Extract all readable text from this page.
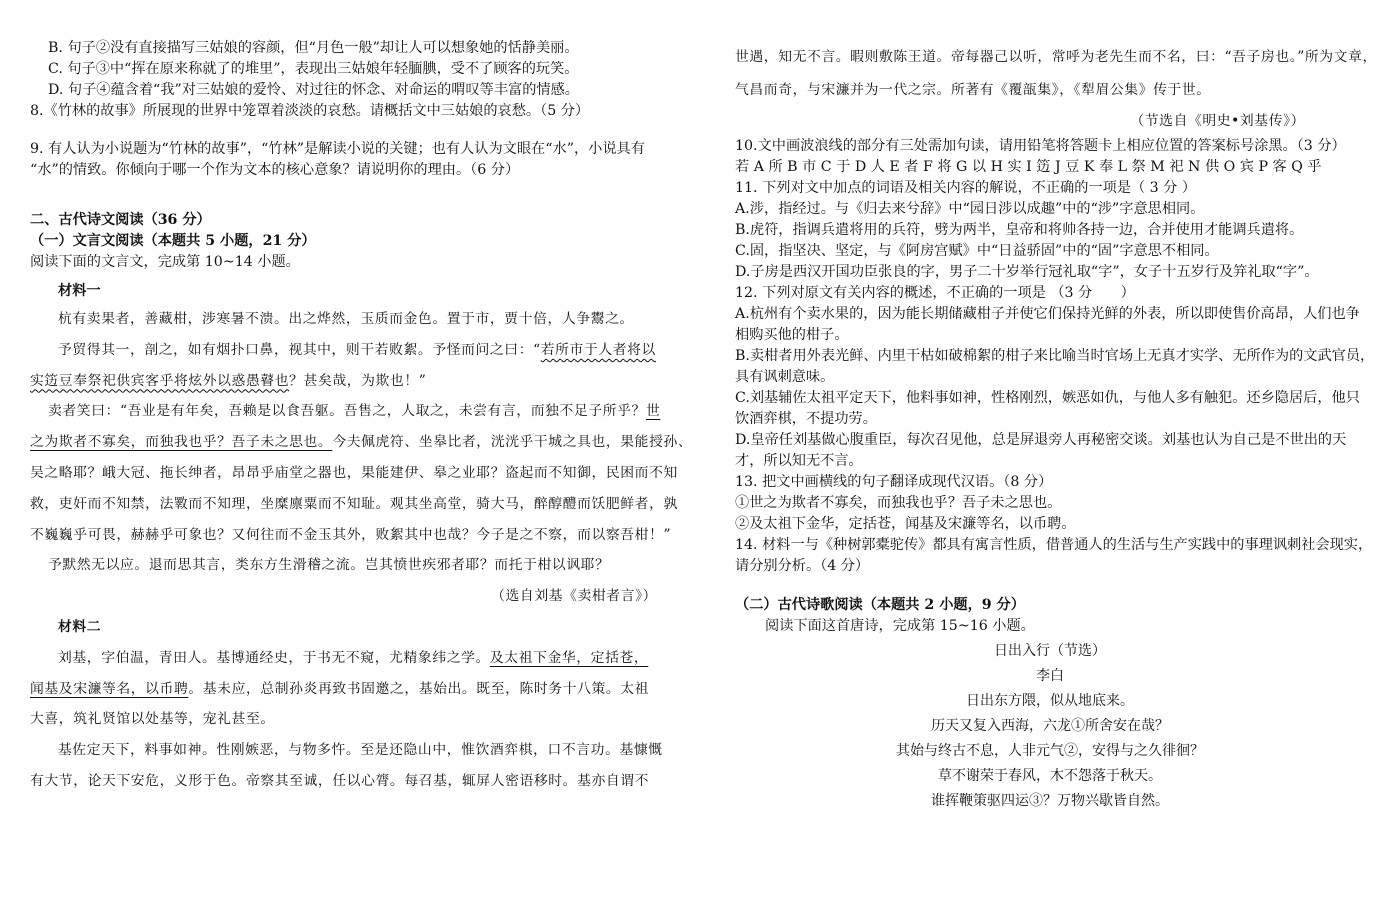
B. 句子②没有直接描写三姑娘的容颜，但“月色一般”却让人可以想象她的恬静美丽。
C. 句子③中“挥在原来称就了的堆里”，表现出三姑娘年轻腼腆，受不了顾客的玩笑。
D. 句子④蕴含着“我”对三姑娘的爱怜、对过往的怀念、对命运的喟叹等丰富的情感。
8.《竹林的故事》所展现的世界中笼罩着淡淡的哀愁。请概括文中三姑娘的哀愁。（5 分）
9. 有人认为小说题为“竹林的故事”，“竹林”是解读小说的关键；也有人认为文眼在“水”，小说具有
“水”的情致。你倾向于哪一个作为文本的核心意象？请说明你的理由。（6 分）
二、古代诗文阅读（36 分）
（一）文言文阅读（本题共 5 小题，21 分）
阅读下面的文言文，完成第 10~14 小题。
材料一
杭有卖果者，善藏柑，涉寒暑不溃。出之烨然，玉质而金色。置于市，贾十倍，人争鬻之。
予贸得其一，剖之，如有烟扑口鼻，视其中，则干若败絮。予怪而问之曰：“若所市于人者将以
实笾豆奉祭祀供宾客乎将炫外以惑愚瞽也？甚矣哉，为欺也！”
卖者笑曰：“吾业是有年矣，吾赖是以食吾躯。吾售之，人取之，未尝有言，而独不足子所乎？世
之为欺者不寡矣，而独我也乎？吾子未之思也。今夫佩虎符、坐皋比者，洸洸乎干城之具也，果能授孙、
吴之略耶？峨大冠、拖长绅者，昂昂乎庙堂之器也，果能建伊、皋之业耶？盗起而不知御，民困而不知
救，吏奸而不知禁，法斁而不知理，坐糜廪粟而不知耻。观其坐高堂，骑大马，醉醇醴而饫肥鲜者，孰
不巍巍乎可畏，赫赫乎可象也？又何往而不金玉其外，败絮其中也哉？今子是之不察，而以察吾柑！”
予默然无以应。退而思其言，类东方生滑稽之流。岂其愤世疾邪者耶？而托于柑以讽耶？
（选自刘基《卖柑者言》）
材料二
刘基，字伯温，青田人。基博通经史，于书无不窥，尤精象纬之学。及太祖下金华，定括苍，
闻基及宋濂等名，以币聘。基未应，总制孙炎再致书固邀之，基始出。既至，陈时务十八策。太祖
大喜，筑礼贤馆以处基等，宠礼甚至。
基佐定天下，料事如神。性刚嫉恶，与物多忤。至是还隐山中，惟饮酒弈棋，口不言功。基慷慨
有大节，论天下安危，义形于色。帝察其至诚，任以心膂。每召基，辄屏人密语移时。基亦自谓不
世遇，知无不言。暇则敷陈王道。帝每器己以听，常呼为老先生而不名，曰：“吾子房也。”所为文章，
气昌而奇，与宋濂并为一代之宗。所著有《覆瓿集》，《犁眉公集》传于世。
（节选自《明史•刘基传》）
10.文中画波浪线的部分有三处需加句读，请用铅笔将答题卡上相应位置的答案标号涂黑。（3 分）
若 A 所 B 市 C 于 D 人 E 者 F 将 G 以 H 实 I 笾 J 豆 K 奉 L 祭 M 祀 N 供 O 宾 P 客 Q 乎
11. 下列对文中加点的词语及相关内容的解说，不正确的一项是（ 3 分 ）
A.涉，指经过。与《归去来兮辞》中“园日涉以成趣”中的“涉”字意思相同。
B.虎符，指调兵遣将用的兵符，劈为两半，皇帝和将帅各持一边，合并使用才能调兵遣将。
C.固，指坚决、坚定，与《阿房宫赋》中“日益骄固”中的“固”字意思不相同。
D.子房是西汉开国功臣张良的字，男子二十岁举行冠礼取“字”，女子十五岁行及笄礼取“字”。
12. 下列对原文有关内容的概述，不正确的一项是 （3 分　　）
A.杭州有个卖水果的，因为能长期储藏柑子并使它们保持光鲜的外表，所以即使售价高昂，人们也争
相购买他的柑子。
B.卖柑者用外表光鲜、内里干枯如破棉絮的柑子来比喻当时官场上无真才实学、无所作为的文武官员，
具有讽刺意味。
C.刘基辅佐太祖平定天下，他料事如神，性格刚烈，嫉恶如仇，与他人多有触犯。还乡隐居后，他只
饮酒弈棋，不提功劳。
D.皇帝任刘基做心腹重臣，每次召见他，总是屏退旁人再秘密交谈。刘基也认为自己是不世出的天
才，所以知无不言。
13. 把文中画横线的句子翻译成现代汉语。（8 分）
①世之为欺者不寡矣，而独我也乎？吾子未之思也。
②及太祖下金华，定括苍，闻基及宋濂等名，以币聘。
14. 材料一与《种树郭橐驼传》都具有寓言性质，借普通人的生活与生产实践中的事理讽刺社会现实，
请分别分析。（4 分）
（二）古代诗歌阅读（本题共 2 小题，9 分）
阅读下面这首唐诗，完成第 15~16 小题。
日出入行（节选）
李白
日出东方隈，似从地底来。
历天又复入西海，六龙①所舍安在哉？
其始与终古不息，人非元气②，安得与之久徘徊？
草不谢荣于春风，木不怨落于秋天。
谁挥鞭策驱四运③？万物兴歇皆自然。
